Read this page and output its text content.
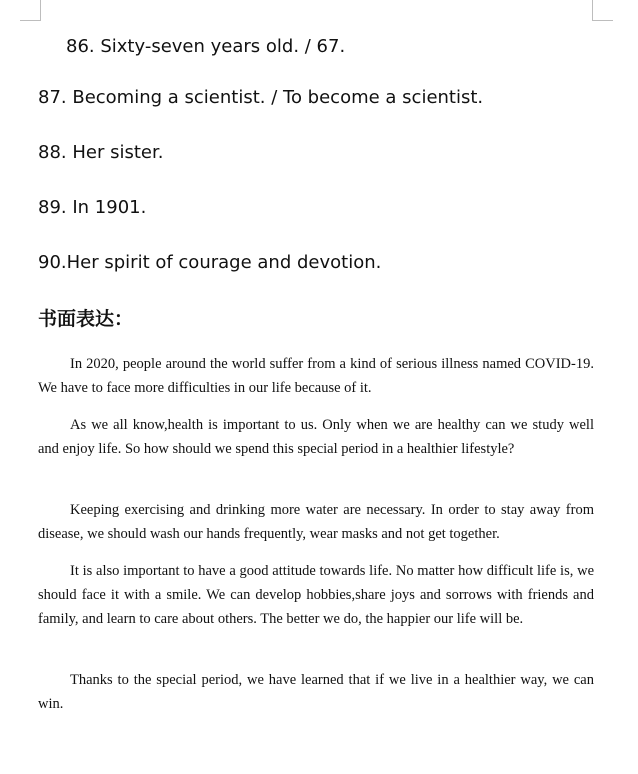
86. Sixty-seven years old. / 67.

87. Becoming a scientist. / To become a scientist.

88. Her sister.

89. In 1901.

90.Her spirit of courage and devotion.

书面表达：

In 2020, people around the world suffer from a kind of serious illness named COVID-19. We have to face more difficulties in our life because of it.

As we all know,health is important to us. Only when we are healthy can we study well and enjoy life. So how should we spend this special period in a healthier lifestyle?

Keeping exercising and drinking more water are necessary. In order to stay away from disease, we should wash our hands frequently, wear masks and not get together.

It is also important to have a good attitude towards life. No matter how difficult life is, we should face it with a smile. We can develop hobbies,share joys and sorrows with friends and family, and learn to care about others. The better we do, the happier our life will be.

Thanks to the special period, we have learned that if we live in a healthier way, we can win.
